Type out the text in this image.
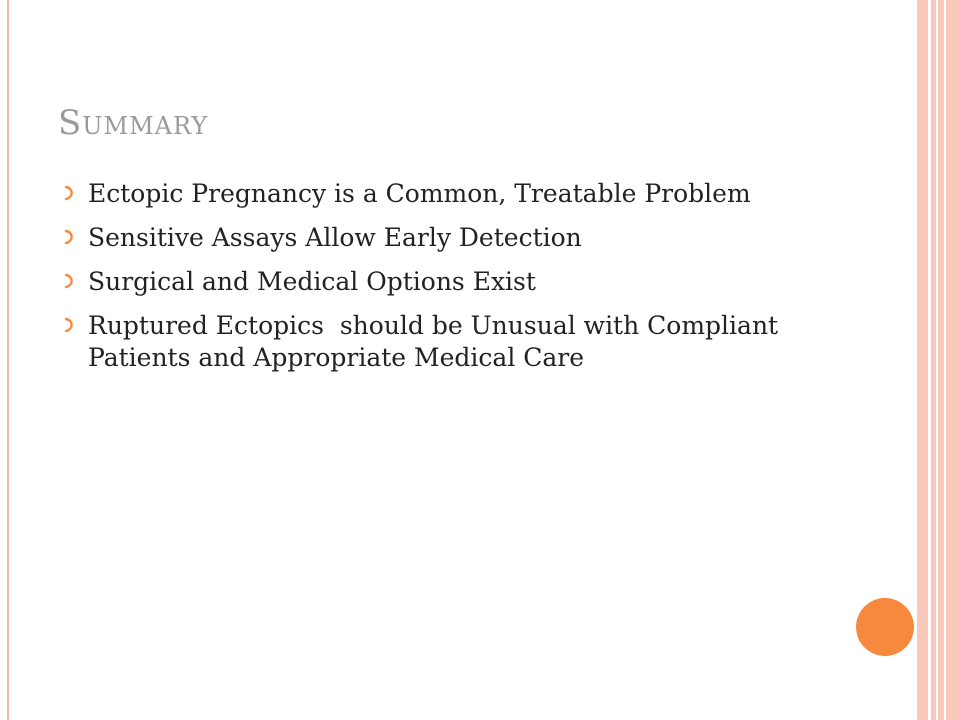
Summary
Ectopic Pregnancy is a Common, Treatable Problem
Sensitive Assays Allow Early Detection
Surgical and Medical Options Exist
Ruptured Ectopics  should be Unusual with Compliant Patients and Appropriate Medical Care
